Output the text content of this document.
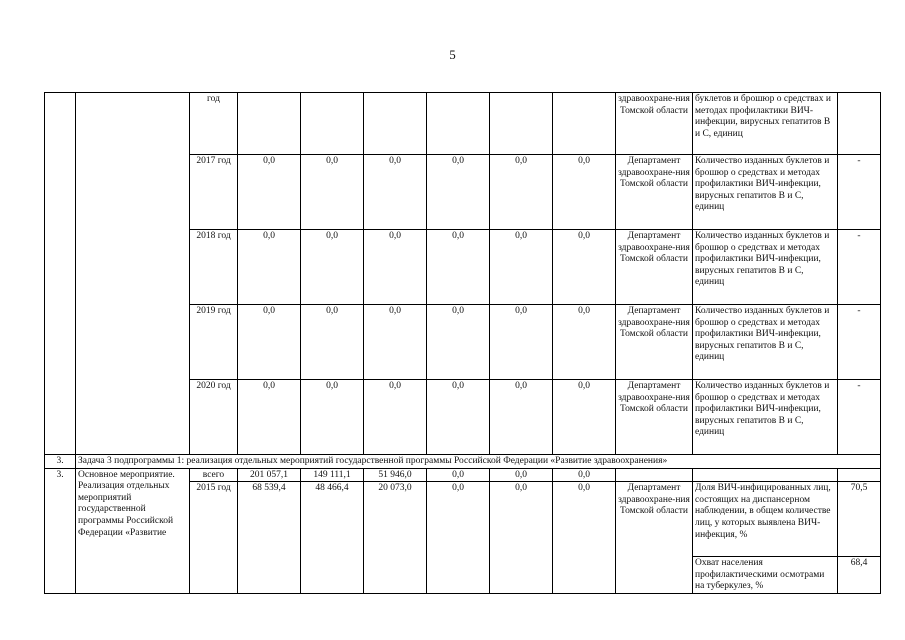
5
		год							здравоохране-ния Томской области	буклетов и брошюр о средствах и методах профилактики ВИЧ-инфекции, вирусных гепатитов В и С, единиц	
		2017 год	0,0	0,0	0,0	0,0	0,0	0,0	Департамент здравоохране-ния Томской области	Количество изданных буклетов и брошюр о средствах и методах профилактики ВИЧ-инфекции, вирусных гепатитов В и С, единиц	-
		2018 год	0,0	0,0	0,0	0,0	0,0	0,0	Департамент здравоохране-ния Томской области	Количество изданных буклетов и брошюр о средствах и методах профилактики ВИЧ-инфекции, вирусных гепатитов В и С, единиц	-
		2019 год	0,0	0,0	0,0	0,0	0,0	0,0	Департамент здравоохране-ния Томской области	Количество изданных буклетов и брошюр о средствах и методах профилактики ВИЧ-инфекции, вирусных гепатитов В и С, единиц	-
		2020 год	0,0	0,0	0,0	0,0	0,0	0,0	Департамент здравоохране-ния Томской области	Количество изданных буклетов и брошюр о средствах и методах профилактики ВИЧ-инфекции, вирусных гепатитов В и С, единиц	-
3.	Задача 3 подпрограммы 1: реализация отдельных мероприятий государственной программы Российской Федерации «Развитие здравоохранения»										
3.	Основное мероприятие. Реализация отдельных мероприятий государственной программы Российской Федерации «Развитие	всего	201 057,1	149 111,1	51 946,0	0,0	0,0	0,0			
		2015 год	68 539,4	48 466,4	20 073,0	0,0	0,0	0,0	Департамент здравоохране-ния Томской области	Доля ВИЧ-инфицированных лиц, состоящих на диспансерном наблюдении, в общем количестве лиц, у которых выявлена ВИЧ-инфекция, %	70,5
										Охват населения профилактическими осмотрами на туберкулез, %	68,4
